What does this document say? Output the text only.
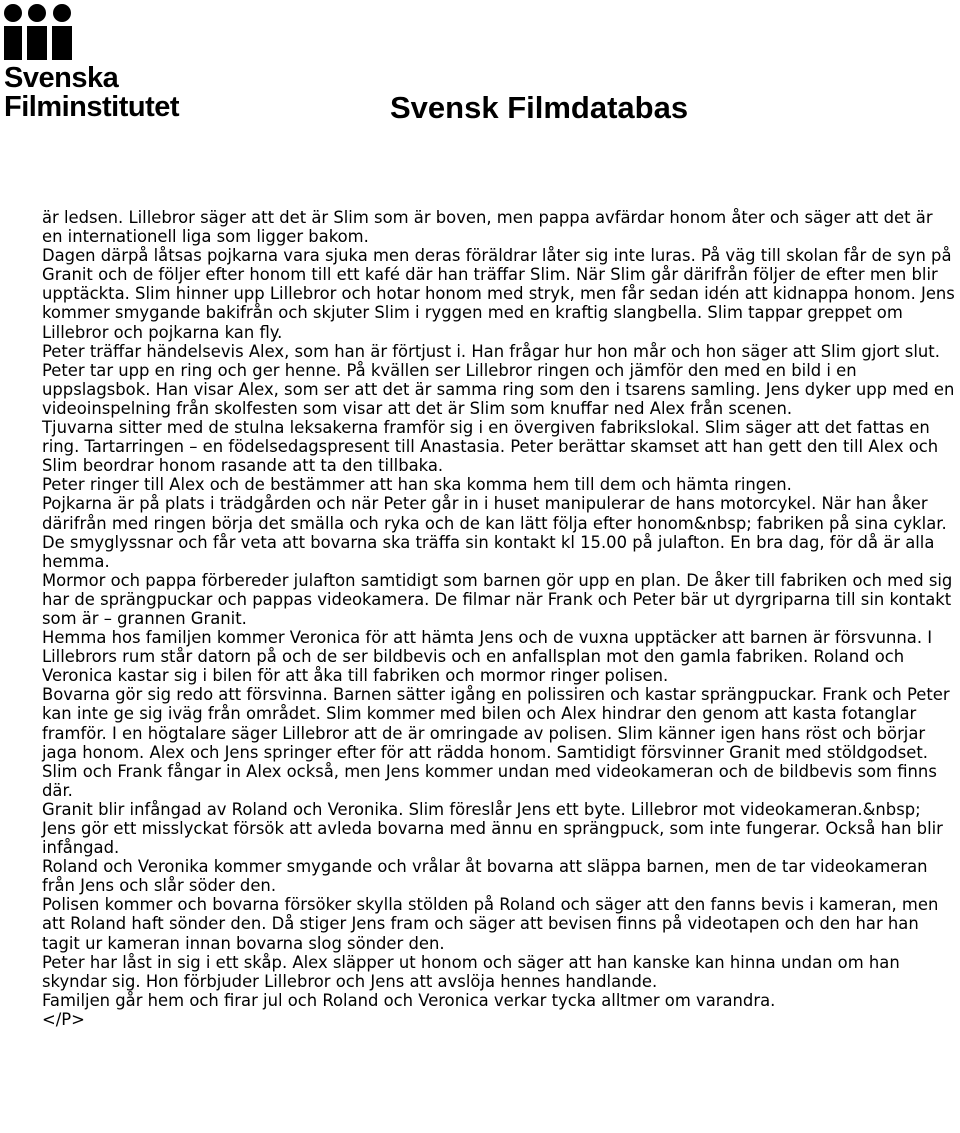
Svenska
Filminstitutet	Svensk Filmdatabas

är ledsen. Lillebror säger att det är Slim som är boven, men pappa avfärdar honom åter och säger att det är en internationell liga som ligger bakom.

Dagen därpå låtsas pojkarna vara sjuka men deras föräldrar låter sig inte luras. På väg till skolan får de syn på Granit och de följer efter honom till ett kafé där han träffar Slim. När Slim går därifrån följer de efter men blir upptäckta. Slim hinner upp Lillebror och hotar honom med stryk, men får sedan idén att kidnappa honom. Jens kommer smygande bakifrån och skjuter Slim i ryggen med en kraftig slangbella. Slim tappar greppet om Lillebror och pojkarna kan fly.

Peter träffar händelsevis Alex, som han är förtjust i. Han frågar hur hon mår och hon säger att Slim gjort slut. Peter tar upp en ring och ger henne. På kvällen ser Lillebror ringen och jämför den med en bild i en uppslagsbok. Han visar Alex, som ser att det är samma ring som den i tsarens samling. Jens dyker upp med en videoinspelning från skolfesten som visar att det är Slim som knuffar ned Alex från scenen.

Tjuvarna sitter med de stulna leksakerna framför sig i en övergiven fabrikslokal. Slim säger att det fattas en ring. Tartarringen – en födelsedagspresent till Anastasia. Peter berättar skamset att han gett den till Alex och Slim beordrar honom rasande att ta den tillbaka.

Peter ringer till Alex och de bestämmer att han ska komma hem till dem och hämta ringen.

Pojkarna är på plats i trädgården och när Peter går in i huset manipulerar de hans motorcykel. När han åker därifrån med ringen börja det smälla och ryka och de kan lätt följa efter honom&nbsp; fabriken på sina cyklar. De smyglyssnar och får veta att bovarna ska träffa sin kontakt kl 15.00 på julafton. En bra dag, för då är alla hemma.

Mormor och pappa förbereder julafton samtidigt som barnen gör upp en plan. De åker till fabriken och med sig har de sprängpuckar och pappas videokamera. De filmar när Frank och Peter bär ut dyrgriparna till sin kontakt som är – grannen Granit.

Hemma hos familjen kommer Veronica för att hämta Jens och de vuxna upptäcker att barnen är försvunna. I Lillebrors rum står datorn på och de ser bildbevis och en anfallsplan mot den gamla fabriken. Roland och Veronica kastar sig i bilen för att åka till fabriken och mormor ringer polisen.

Bovarna gör sig redo att försvinna. Barnen sätter igång en polissiren och kastar sprängpuckar. Frank och Peter kan inte ge sig iväg från området. Slim kommer med bilen och Alex hindrar den genom att kasta fotanglar framför. I en högtalare säger Lillebror att de är omringade av polisen. Slim känner igen hans röst och börjar jaga honom. Alex och Jens springer efter för att rädda honom. Samtidigt försvinner Granit med stöldgodset. Slim och Frank fångar in Alex också, men Jens kommer undan med videokameran och de bildbevis som finns där.

Granit blir infångad av Roland och Veronika. Slim föreslår Jens ett byte. Lillebror mot videokameran.&nbsp; Jens gör ett misslyckat försök att avleda bovarna med ännu en sprängpuck, som inte fungerar. Också han blir infångad.

Roland och Veronika kommer smygande och vrålar åt bovarna att släppa barnen, men de tar videokameran från Jens och slår söder den.

Polisen kommer och bovarna försöker skylla stölden på Roland och säger att den fanns bevis i kameran, men att Roland haft sönder den. Då stiger Jens fram och säger att bevisen finns på videotapen och den har han tagit ur kameran innan bovarna slog sönder den.

Peter har låst in sig i ett skåp. Alex släpper ut honom och säger att han kanske kan hinna undan om han skyndar sig. Hon förbjuder Lillebror och Jens att avslöja hennes handlande.

Familjen går hem och firar jul och Roland och Veronica verkar tycka alltmer om varandra.

</P>
